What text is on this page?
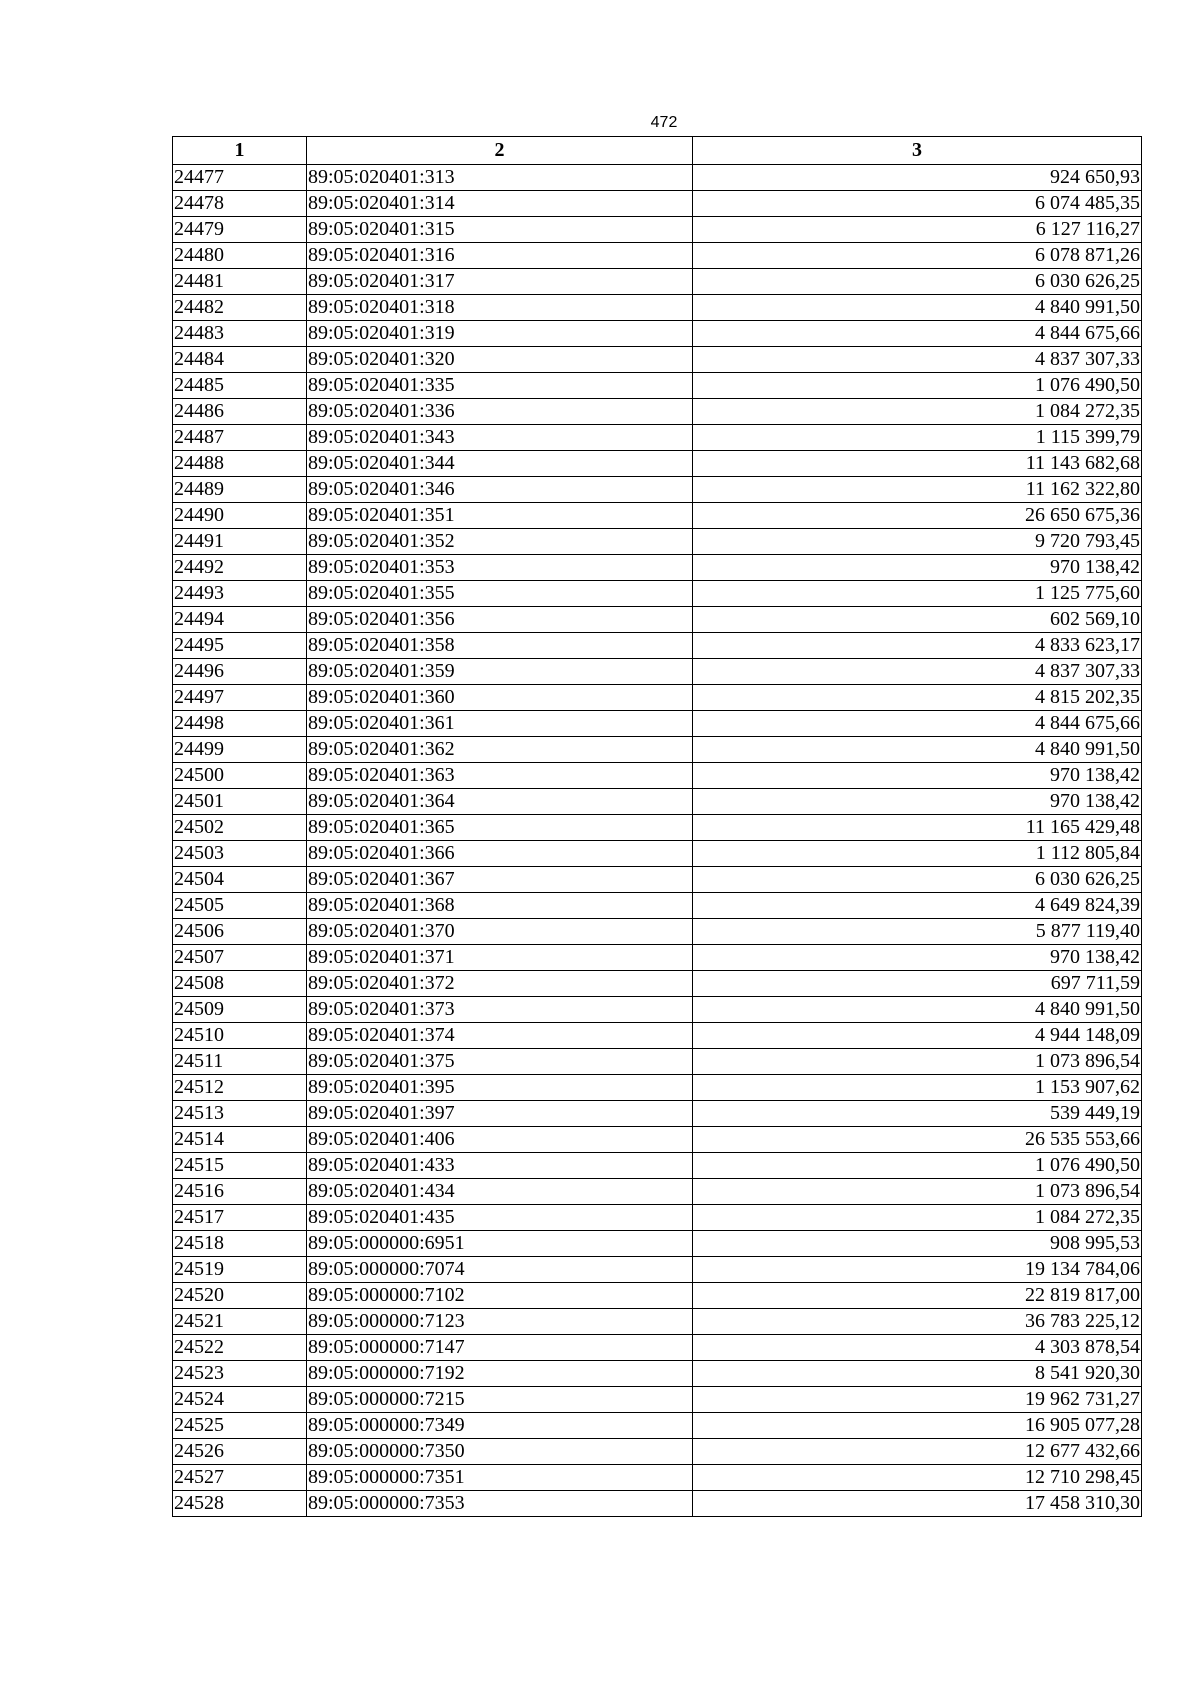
472
1	2	3
24477	89:05:020401:313	924 650,93
24478	89:05:020401:314	6 074 485,35
24479	89:05:020401:315	6 127 116,27
24480	89:05:020401:316	6 078 871,26
24481	89:05:020401:317	6 030 626,25
24482	89:05:020401:318	4 840 991,50
24483	89:05:020401:319	4 844 675,66
24484	89:05:020401:320	4 837 307,33
24485	89:05:020401:335	1 076 490,50
24486	89:05:020401:336	1 084 272,35
24487	89:05:020401:343	1 115 399,79
24488	89:05:020401:344	11 143 682,68
24489	89:05:020401:346	11 162 322,80
24490	89:05:020401:351	26 650 675,36
24491	89:05:020401:352	9 720 793,45
24492	89:05:020401:353	970 138,42
24493	89:05:020401:355	1 125 775,60
24494	89:05:020401:356	602 569,10
24495	89:05:020401:358	4 833 623,17
24496	89:05:020401:359	4 837 307,33
24497	89:05:020401:360	4 815 202,35
24498	89:05:020401:361	4 844 675,66
24499	89:05:020401:362	4 840 991,50
24500	89:05:020401:363	970 138,42
24501	89:05:020401:364	970 138,42
24502	89:05:020401:365	11 165 429,48
24503	89:05:020401:366	1 112 805,84
24504	89:05:020401:367	6 030 626,25
24505	89:05:020401:368	4 649 824,39
24506	89:05:020401:370	5 877 119,40
24507	89:05:020401:371	970 138,42
24508	89:05:020401:372	697 711,59
24509	89:05:020401:373	4 840 991,50
24510	89:05:020401:374	4 944 148,09
24511	89:05:020401:375	1 073 896,54
24512	89:05:020401:395	1 153 907,62
24513	89:05:020401:397	539 449,19
24514	89:05:020401:406	26 535 553,66
24515	89:05:020401:433	1 076 490,50
24516	89:05:020401:434	1 073 896,54
24517	89:05:020401:435	1 084 272,35
24518	89:05:000000:6951	908 995,53
24519	89:05:000000:7074	19 134 784,06
24520	89:05:000000:7102	22 819 817,00
24521	89:05:000000:7123	36 783 225,12
24522	89:05:000000:7147	4 303 878,54
24523	89:05:000000:7192	8 541 920,30
24524	89:05:000000:7215	19 962 731,27
24525	89:05:000000:7349	16 905 077,28
24526	89:05:000000:7350	12 677 432,66
24527	89:05:000000:7351	12 710 298,45
24528	89:05:000000:7353	17 458 310,30
